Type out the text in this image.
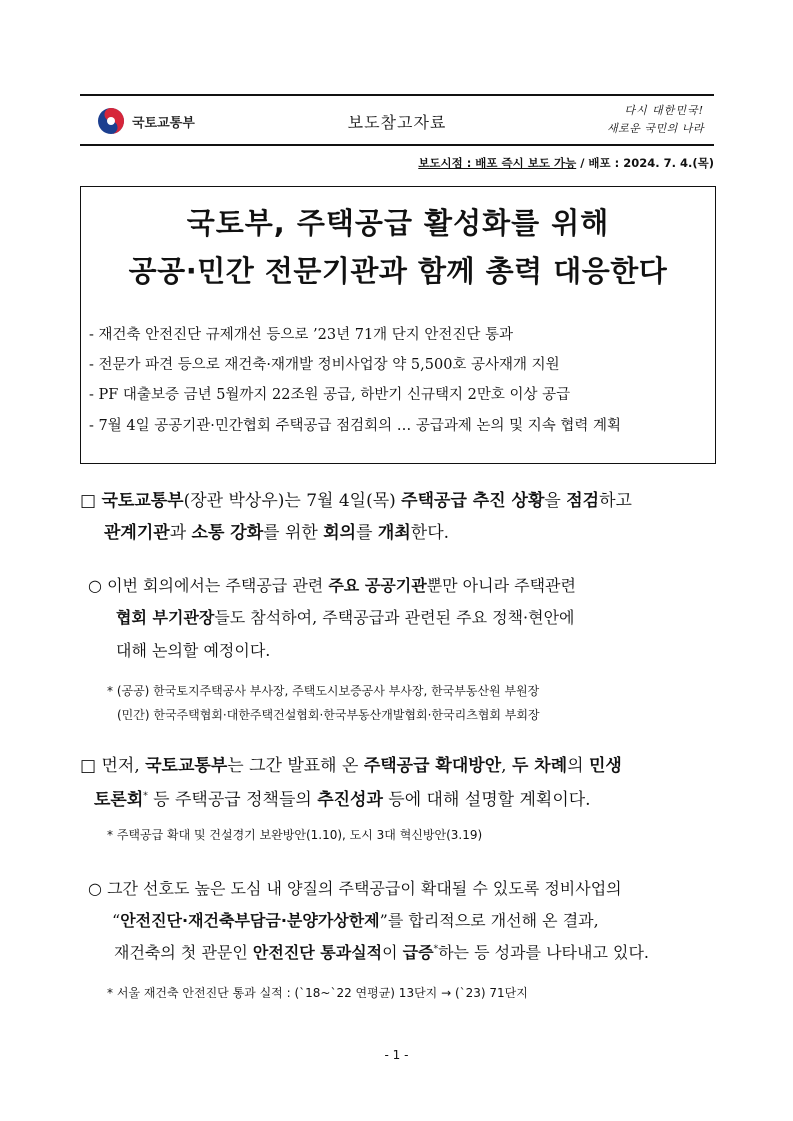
국토교통부	보도참고자료
다시 대한민국!
새로운 국민의 나라
보도시점 : 배포 즉시 보도 가능 / 배포 : 2024. 7. 4.(목)
국토부, 주택공급 활성화를 위해
공공·민간 전문기관과 함께 총력 대응한다
- 재건축 안전진단 규제개선 등으로 ’23년 71개 단지 안전진단 통과
- 전문가 파견 등으로 재건축·재개발 정비사업장 약 5,500호 공사재개 지원
- PF 대출보증 금년 5월까지 22조원 공급, 하반기 신규택지 2만호 이상 공급
- 7월 4일 공공기관·민간협회 주택공급 점검회의 … 공급과제 논의 및 지속 협력 계획
□ 국토교통부(장관 박상우)는 7월 4일(목) 주택공급 추진 상황을 점검하고
관계기관과 소통 강화를 위한 회의를 개최한다.
○ 이번 회의에서는 주택공급 관련 주요 공공기관뿐만 아니라 주택관련
협회 부기관장들도 참석하여, 주택공급과 관련된 주요 정책·현안에
대해 논의할 예정이다.
* (공공) 한국토지주택공사 부사장, 주택도시보증공사 부사장, 한국부동산원 부원장
(민간) 한국주택협회·대한주택건설협회·한국부동산개발협회·한국리츠협회 부회장
□ 먼저, 국토교통부는 그간 발표해 온 주택공급 확대방안, 두 차례의 민생
토론회* 등 주택공급 정책들의 추진성과 등에 대해 설명할 계획이다.
* 주택공급 확대 및 건설경기 보완방안(1.10), 도시 3대 혁신방안(3.19)
○ 그간 선호도 높은 도심 내 양질의 주택공급이 확대될 수 있도록 정비사업의
“안전진단·재건축부담금·분양가상한제”를 합리적으로 개선해 온 결과,
재건축의 첫 관문인 안전진단 통과실적이 급증*하는 등 성과를 나타내고 있다.
* 서울 재건축 안전진단 통과 실적 : (`18~`22 연평균) 13단지 → (`23) 71단지
- 1 -
